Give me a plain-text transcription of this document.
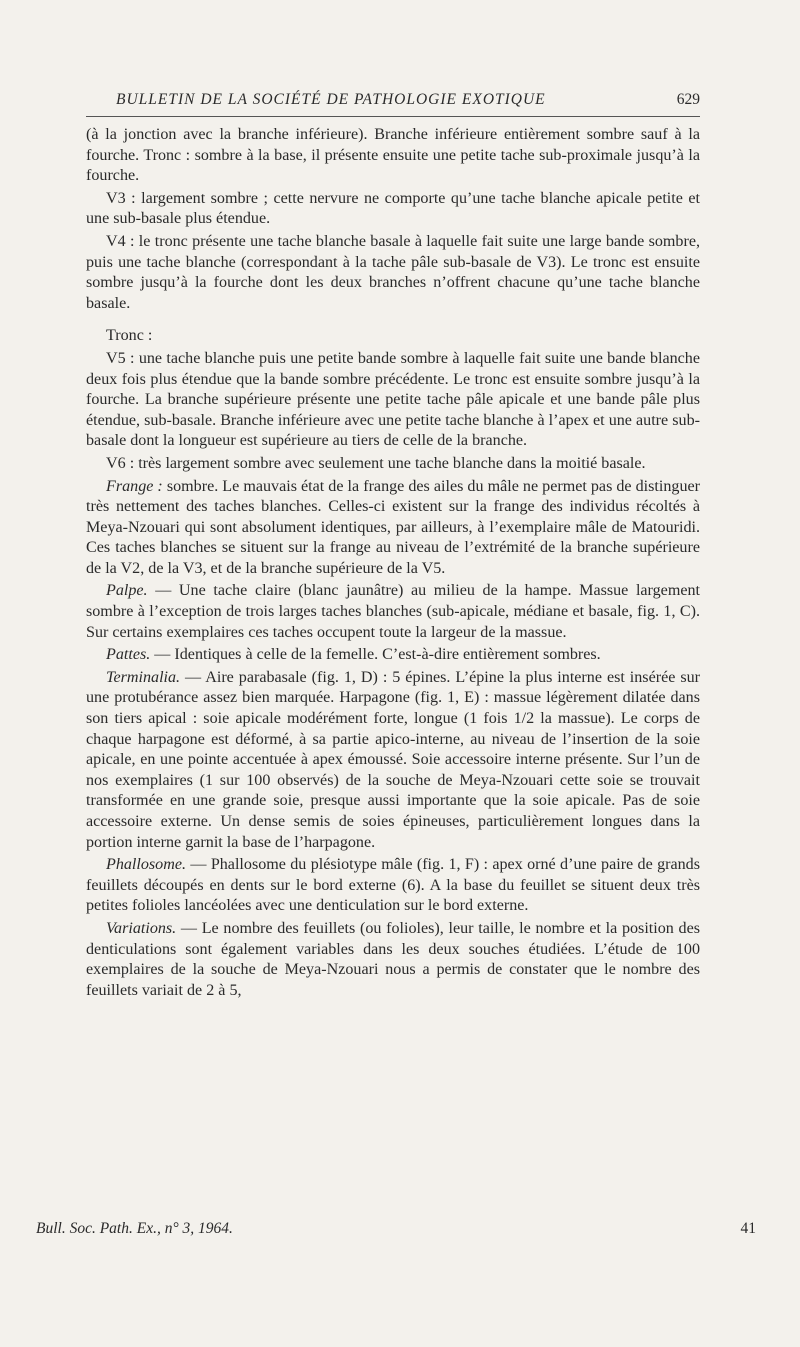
BULLETIN DE LA SOCIÉTÉ DE PATHOLOGIE EXOTIQUE	629

(à la jonction avec la branche inférieure). Branche inférieure entièrement sombre sauf à la fourche. Tronc : sombre à la base, il présente ensuite une petite tache sub-proximale jusqu’à la fourche.

V3 : largement sombre ; cette nervure ne comporte qu’une tache blanche apicale petite et une sub-basale plus étendue.

V4 : le tronc présente une tache blanche basale à laquelle fait suite une large bande sombre, puis une tache blanche (correspondant à la tache pâle sub-basale de V3). Le tronc est ensuite sombre jusqu’à la fourche dont les deux branches n’offrent chacune qu’une tache blanche basale.

Tronc :

V5 : une tache blanche puis une petite bande sombre à laquelle fait suite une bande blanche deux fois plus étendue que la bande sombre précédente. Le tronc est ensuite sombre jusqu’à la fourche. La branche supérieure présente une petite tache pâle apicale et une bande pâle plus étendue, sub-basale. Branche inférieure avec une petite tache blanche à l’apex et une autre sub-basale dont la longueur est supérieure au tiers de celle de la branche.

V6 : très largement sombre avec seulement une tache blanche dans la moitié basale.

Frange : sombre. Le mauvais état de la frange des ailes du mâle ne permet pas de distinguer très nettement des taches blanches. Celles-ci existent sur la frange des individus récoltés à Meya-Nzouari qui sont absolument identiques, par ailleurs, à l’exemplaire mâle de Matouridi. Ces taches blanches se situent sur la frange au niveau de l’extrémité de la branche supérieure de la V2, de la V3, et de la branche supérieure de la V5.

Palpe. — Une tache claire (blanc jaunâtre) au milieu de la hampe. Massue largement sombre à l’exception de trois larges taches blanches (sub-apicale, médiane et basale, fig. 1, C). Sur certains exemplaires ces taches occupent toute la largeur de la massue.

Pattes. — Identiques à celle de la femelle. C’est-à-dire entièrement sombres.

Terminalia. — Aire parabasale (fig. 1, D) : 5 épines. L’épine la plus interne est insérée sur une protubérance assez bien marquée. Harpagone (fig. 1, E) : massue légèrement dilatée dans son tiers apical : soie apicale modérément forte, longue (1 fois 1/2 la massue). Le corps de chaque harpagone est déformé, à sa partie apico-interne, au niveau de l’insertion de la soie apicale, en une pointe accentuée à apex émoussé. Soie accessoire interne présente. Sur l’un de nos exemplaires (1 sur 100 observés) de la souche de Meya-Nzouari cette soie se trouvait transformée en une grande soie, presque aussi importante que la soie apicale. Pas de soie accessoire externe. Un dense semis de soies épineuses, particulièrement longues dans la portion interne garnit la base de l’harpagone.

Phallosome. — Phallosome du plésiotype mâle (fig. 1, F) : apex orné d’une paire de grands feuillets découpés en dents sur le bord externe (6). A la base du feuillet se situent deux très petites folioles lancéolées avec une denticulation sur le bord externe.

Variations. — Le nombre des feuillets (ou folioles), leur taille, le nombre et la position des denticulations sont également variables dans les deux souches étudiées. L’étude de 100 exemplaires de la souche de Meya-Nzouari nous a permis de constater que le nombre des feuillets variait de 2 à 5,

Bull. Soc. Path. Ex., n° 3, 1964.	41
